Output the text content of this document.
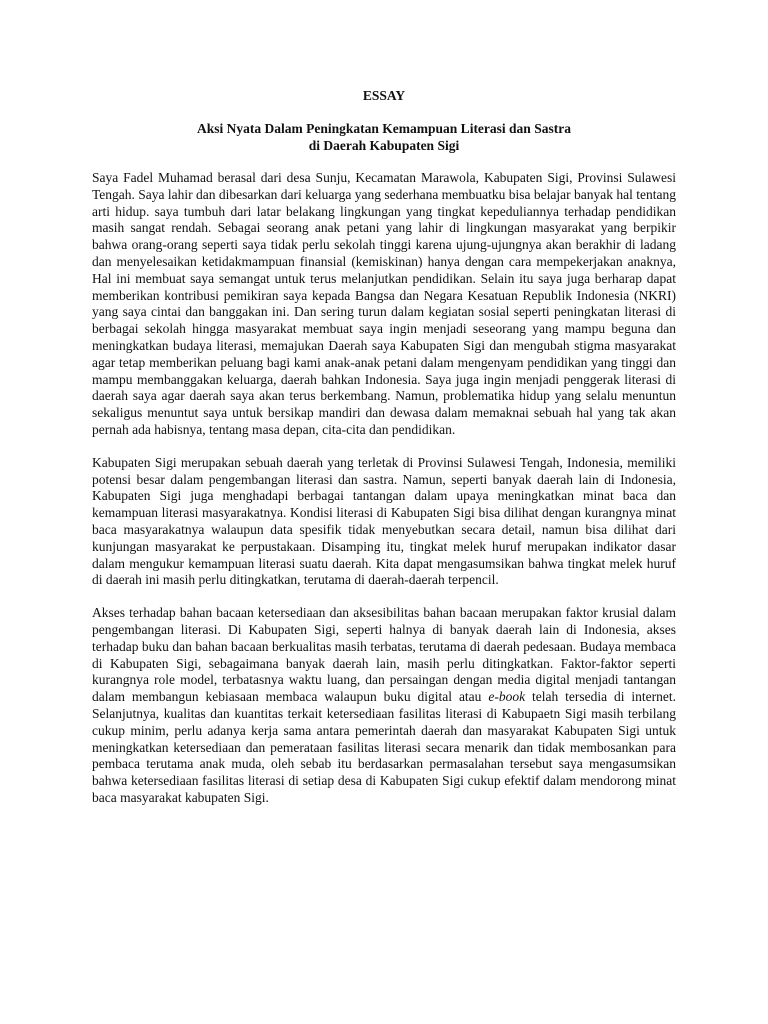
ESSAY
Aksi Nyata Dalam Peningkatan Kemampuan Literasi dan Sastra
di Daerah Kabupaten Sigi

Saya Fadel Muhamad berasal dari desa Sunju, Kecamatan Marawola, Kabupaten Sigi, Provinsi Sulawesi Tengah. Saya lahir dan dibesarkan dari keluarga yang sederhana membuatku bisa belajar banyak hal tentang arti hidup. saya tumbuh dari latar belakang lingkungan yang tingkat kepeduliannya terhadap pendidikan masih sangat rendah. Sebagai seorang anak petani yang lahir di lingkungan masyarakat yang berpikir bahwa orang-orang seperti saya tidak perlu sekolah tinggi karena ujung-ujungnya akan berakhir di ladang dan menyelesaikan ketidakmampuan finansial (kemiskinan) hanya dengan cara mempekerjakan anaknya, Hal ini membuat saya semangat untuk terus melanjutkan pendidikan. Selain itu saya juga berharap dapat memberikan kontribusi pemikiran saya kepada Bangsa dan Negara Kesatuan Republik Indonesia (NKRI) yang saya cintai dan banggakan ini. Dan sering turun dalam kegiatan sosial seperti peningkatan literasi di berbagai sekolah hingga masyarakat membuat saya ingin menjadi seseorang yang mampu beguna dan meningkatkan budaya literasi, memajukan Daerah saya Kabupaten Sigi dan mengubah stigma masyarakat agar tetap memberikan peluang bagi kami anak-anak petani dalam mengenyam pendidikan yang tinggi dan mampu membanggakan keluarga, daerah bahkan Indonesia. Saya juga ingin menjadi penggerak literasi di daerah saya agar daerah saya akan terus berkembang. Namun, problematika hidup yang selalu menuntun sekaligus menuntut saya untuk bersikap mandiri dan dewasa dalam memaknai sebuah hal yang tak akan pernah ada habisnya, tentang masa depan, cita-cita dan pendidikan.

Kabupaten Sigi merupakan sebuah daerah yang terletak di Provinsi Sulawesi Tengah, Indonesia, memiliki potensi besar dalam pengembangan literasi dan sastra. Namun, seperti banyak daerah lain di Indonesia, Kabupaten Sigi juga menghadapi berbagai tantangan dalam upaya meningkatkan minat baca dan kemampuan literasi masyarakatnya. Kondisi literasi di Kabupaten Sigi bisa dilihat dengan kurangnya minat baca masyarakatnya walaupun data spesifik tidak menyebutkan secara detail, namun bisa dilihat dari kunjungan masyarakat ke perpustakaan. Disamping itu, tingkat melek huruf merupakan indikator dasar dalam mengukur kemampuan literasi suatu daerah. Kita dapat mengasumsikan bahwa tingkat melek huruf di daerah ini masih perlu ditingkatkan, terutama di daerah-daerah terpencil.

Akses terhadap bahan bacaan ketersediaan dan aksesibilitas bahan bacaan merupakan faktor krusial dalam pengembangan literasi. Di Kabupaten Sigi, seperti halnya di banyak daerah lain di Indonesia, akses terhadap buku dan bahan bacaan berkualitas masih terbatas, terutama di daerah pedesaan. Budaya membaca di Kabupaten Sigi, sebagaimana banyak daerah lain, masih perlu ditingkatkan. Faktor-faktor seperti kurangnya role model, terbatasnya waktu luang, dan persaingan dengan media digital menjadi tantangan dalam membangun kebiasaan membaca walaupun buku digital atau e-book telah tersedia di internet. Selanjutnya, kualitas dan kuantitas terkait ketersediaan fasilitas literasi di Kabupaetn Sigi masih terbilang cukup minim, perlu adanya kerja sama antara pemerintah daerah dan masyarakat Kabupaten Sigi untuk meningkatkan ketersediaan dan pemerataan fasilitas literasi secara menarik dan tidak membosankan para pembaca terutama anak muda, oleh sebab itu berdasarkan permasalahan tersebut saya mengasumsikan bahwa ketersediaan fasilitas literasi di setiap desa di Kabupaten Sigi cukup efektif dalam mendorong minat baca masyarakat kabupaten Sigi.
